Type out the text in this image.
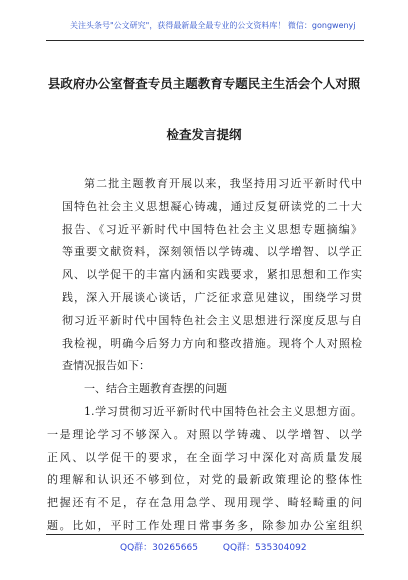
关注头条号"公文研究"，获得最新最全最专业的公文资料库！ 微信：gongwenyj
县政府办公室督查专员主题教育专题民主生活会个人对照
检查发言提纲
第二批主题教育开展以来，我坚持用习近平新时代中
国特色社会主义思想凝心铸魂，通过反复研读党的二十大
报告、《习近平新时代中国特色社会主义思想专题摘编》
等重要文献资料，深刻领悟以学铸魂、以学增智、以学正
风、以学促干的丰富内涵和实践要求，紧扣思想和工作实
践，深入开展谈心谈话，广泛征求意见建议，围绕学习贯
彻习近平新时代中国特色社会主义思想进行深度反思与自
我检视，明确今后努力方向和整改措施。现将个人对照检
查情况报告如下：
一、结合主题教育查摆的问题
1.学习贯彻习近平新时代中国特色社会主义思想方面。
一是理论学习不够深入。对照以学铸魂、以学增智、以学
正风、以学促干的要求，在全面学习中深化对高质量发展
的理解和认识还不够到位，对党的最新政策理论的整体性
把握还有不足，存在急用急学、现用现学、畸轻畸重的问
题。比如，平时工作处理日常事务多，除参加办公室组织
QQ群：30265665	QQ群：535304092
